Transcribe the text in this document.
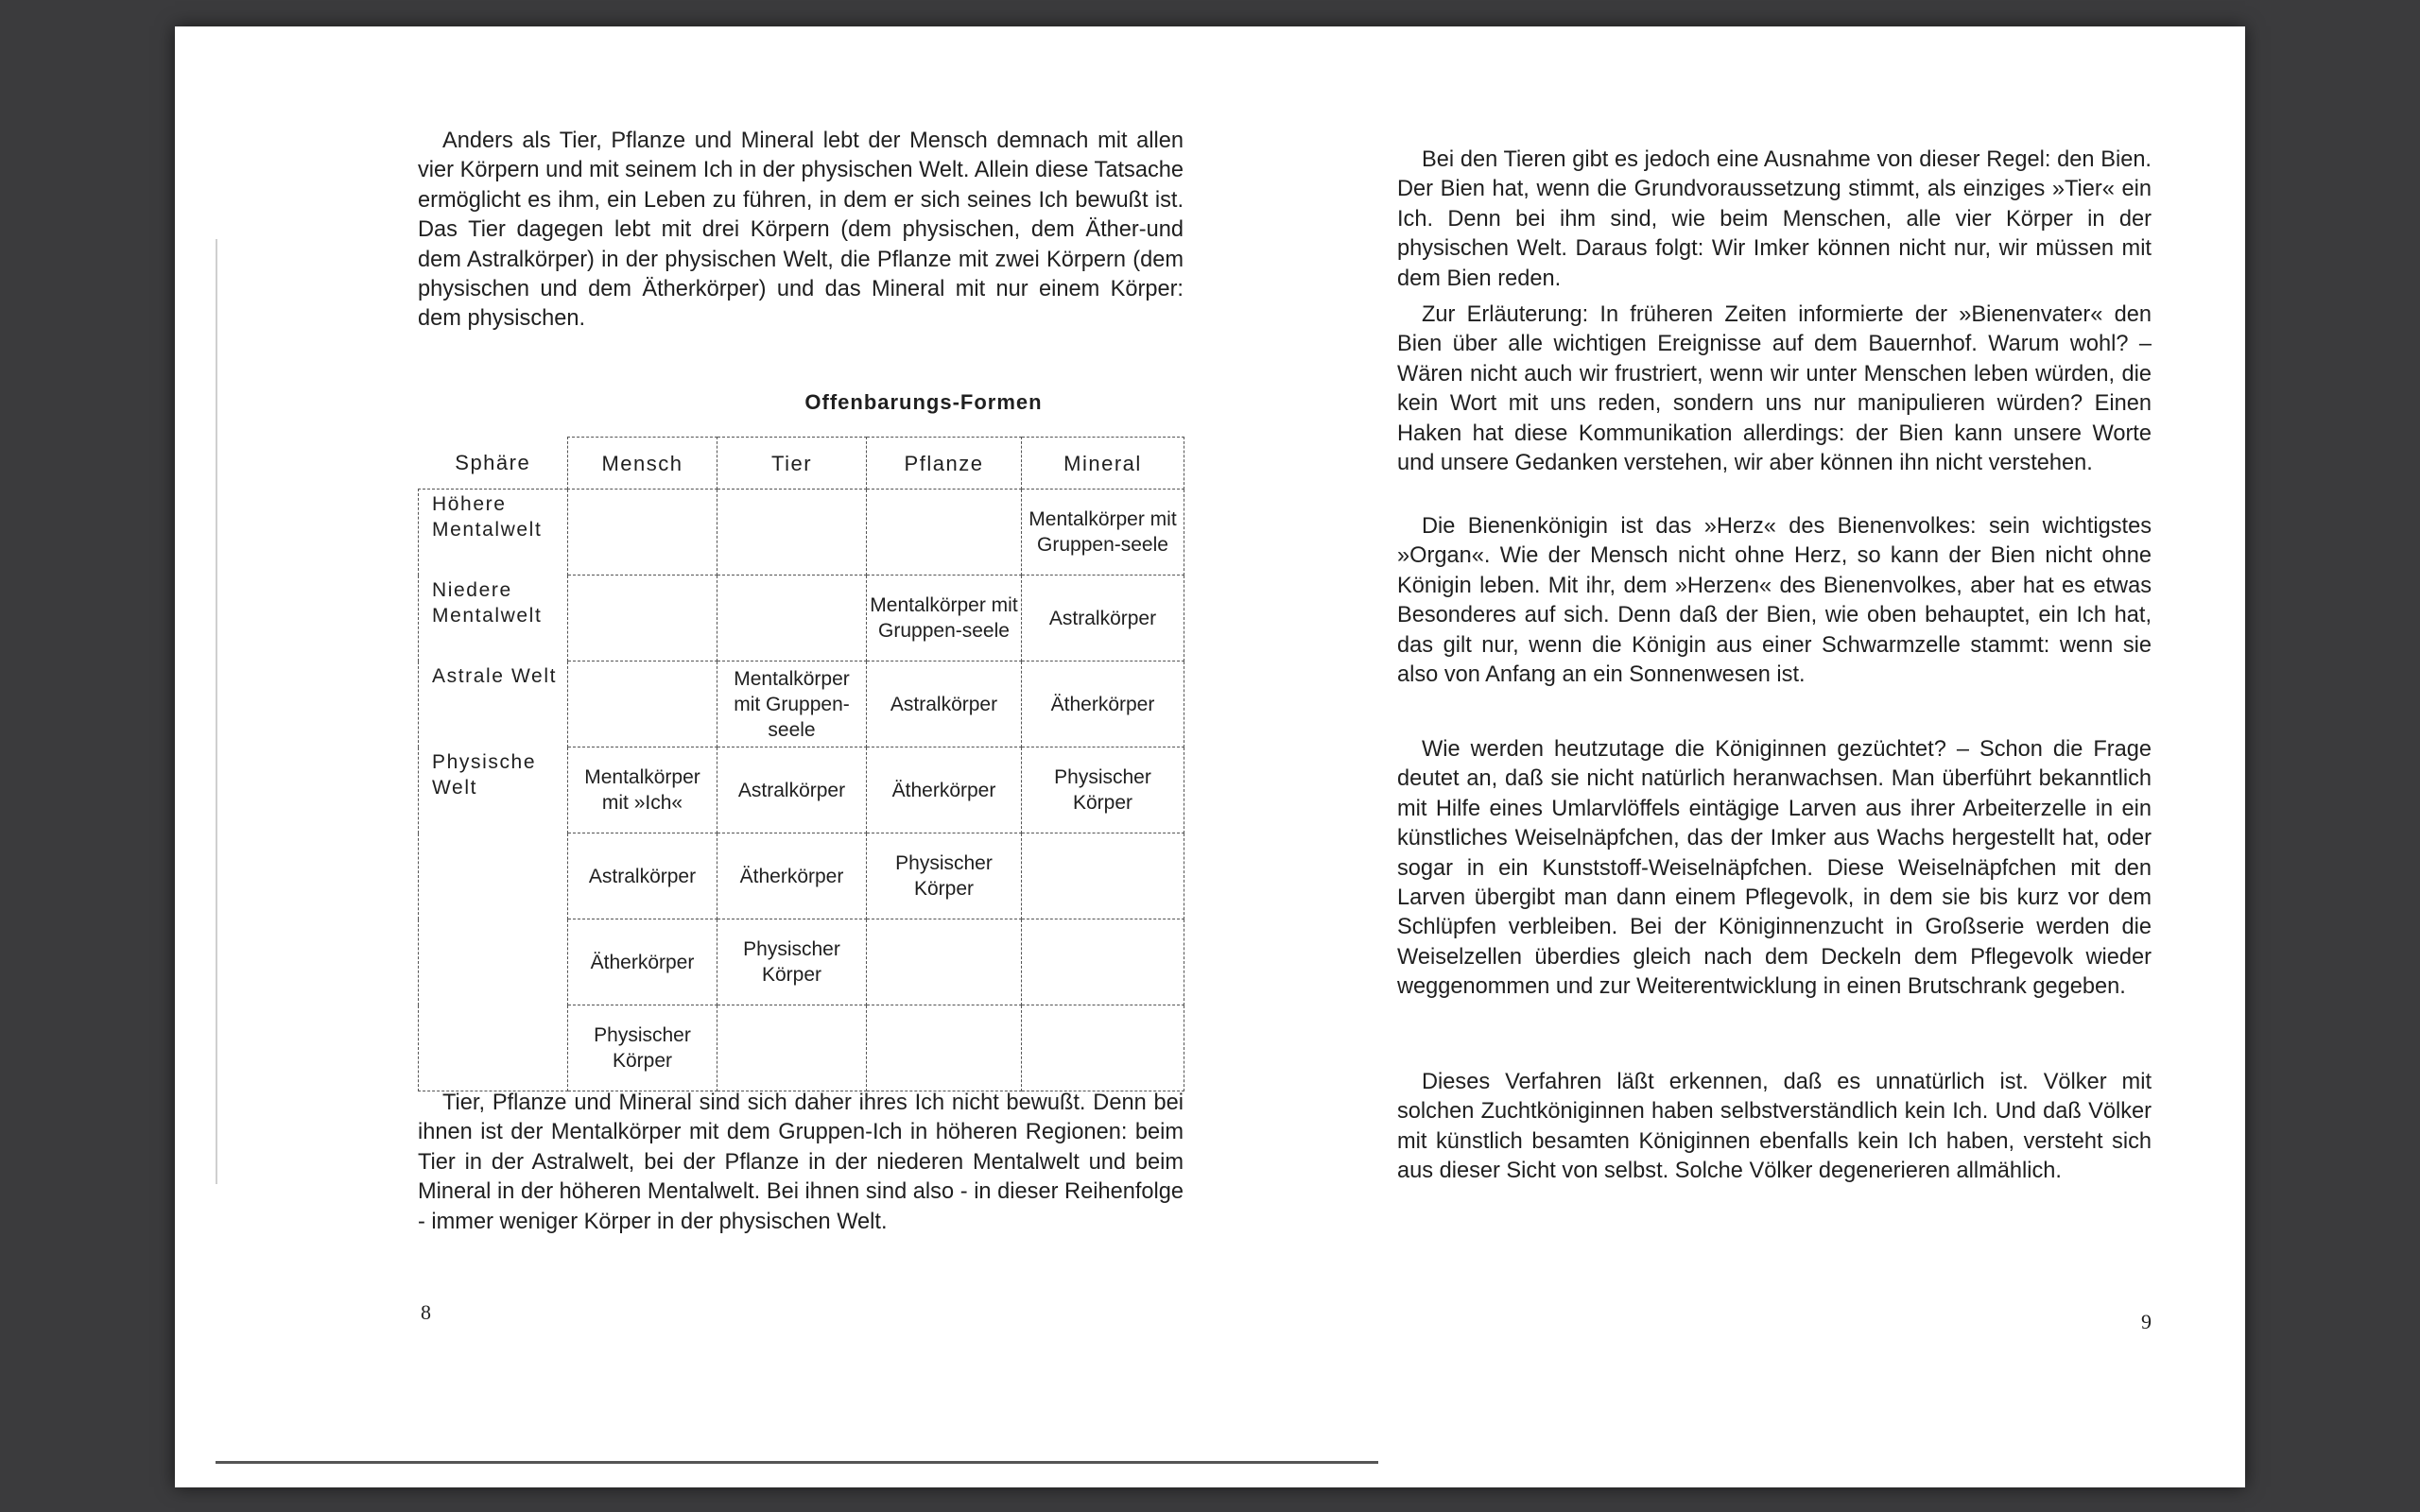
Anders als Tier, Pflanze und Mineral lebt der Mensch demnach mit allen vier Körpern und mit seinem Ich in der physischen Welt. Allein diese Tatsache ermöglicht es ihm, ein Leben zu führen, in dem er sich seines Ich bewußt ist. Das Tier dagegen lebt mit drei Körpern (dem physischen, dem Äther-und dem Astralkörper) in der physischen Welt, die Pflanze mit zwei Körpern (dem physischen und dem Ätherkörper) und das Mineral mit nur einem Körper: dem physischen.

Offenbarungs-Formen
Sphäre	Mensch	Tier	Pflanze	Mineral
Höhere Mentalwelt				Mentalkörper mit Gruppen-seele
Niedere Mentalwelt			Mentalkörper mit Gruppen-seele	Astralkörper
Astrale Welt		Mentalkörper mit Gruppen-seele	Astralkörper	Ätherkörper
Physische Welt	Mentalkörper mit »Ich«	Astralkörper	Ätherkörper	Physischer Körper
	Astralkörper	Ätherkörper	Physischer Körper	
	Ätherkörper	Physischer Körper		
	Physischer Körper			

Tier, Pflanze und Mineral sind sich daher ihres Ich nicht bewußt. Denn bei ihnen ist der Mentalkörper mit dem Gruppen-Ich in höheren Regionen: beim Tier in der Astralwelt, bei der Pflanze in der niederen Mentalwelt und beim Mineral in der höheren Mentalwelt. Bei ihnen sind also - in dieser Reihenfolge - immer weniger Körper in der physischen Welt.

8

Bei den Tieren gibt es jedoch eine Ausnahme von dieser Regel: den Bien. Der Bien hat, wenn die Grundvoraussetzung stimmt, als einziges »Tier« ein Ich. Denn bei ihm sind, wie beim Menschen, alle vier Körper in der physischen Welt. Daraus folgt: Wir Imker können nicht nur, wir müssen mit dem Bien reden.

Zur Erläuterung: In früheren Zeiten informierte der »Bienenvater« den Bien über alle wichtigen Ereignisse auf dem Bauernhof. Warum wohl? – Wären nicht auch wir frustriert, wenn wir unter Menschen leben würden, die kein Wort mit uns reden, sondern uns nur manipulieren würden? Einen Haken hat diese Kommunikation allerdings: der Bien kann unsere Worte und unsere Gedanken verstehen, wir aber können ihn nicht verstehen.

Die Bienenkönigin ist das »Herz« des Bienenvolkes: sein wichtigstes »Organ«. Wie der Mensch nicht ohne Herz, so kann der Bien nicht ohne Königin leben. Mit ihr, dem »Herzen« des Bienenvolkes, aber hat es etwas Besonderes auf sich. Denn daß der Bien, wie oben behauptet, ein Ich hat, das gilt nur, wenn die Königin aus einer Schwarmzelle stammt: wenn sie also von Anfang an ein Sonnenwesen ist.

Wie werden heutzutage die Königinnen gezüchtet? – Schon die Frage deutet an, daß sie nicht natürlich heranwachsen. Man überführt bekanntlich mit Hilfe eines Umlarvlöffels eintägige Larven aus ihrer Arbeiterzelle in ein künstliches Weiselnäpfchen, das der Imker aus Wachs hergestellt hat, oder sogar in ein Kunststoff-Weiselnäpfchen. Diese Weiselnäpfchen mit den Larven übergibt man dann einem Pflegevolk, in dem sie bis kurz vor dem Schlüpfen verbleiben. Bei der Königinnenzucht in Großserie werden die Weiselzellen überdies gleich nach dem Deckeln dem Pflegevolk wieder weggenommen und zur Weiterentwicklung in einen Brutschrank gegeben.

Dieses Verfahren läßt erkennen, daß es unnatürlich ist. Völker mit solchen Zuchtköniginnen haben selbstverständlich kein Ich. Und daß Völker mit künstlich besamten Königinnen ebenfalls kein Ich haben, versteht sich aus dieser Sicht von selbst. Solche Völker degenerieren allmählich.

9
